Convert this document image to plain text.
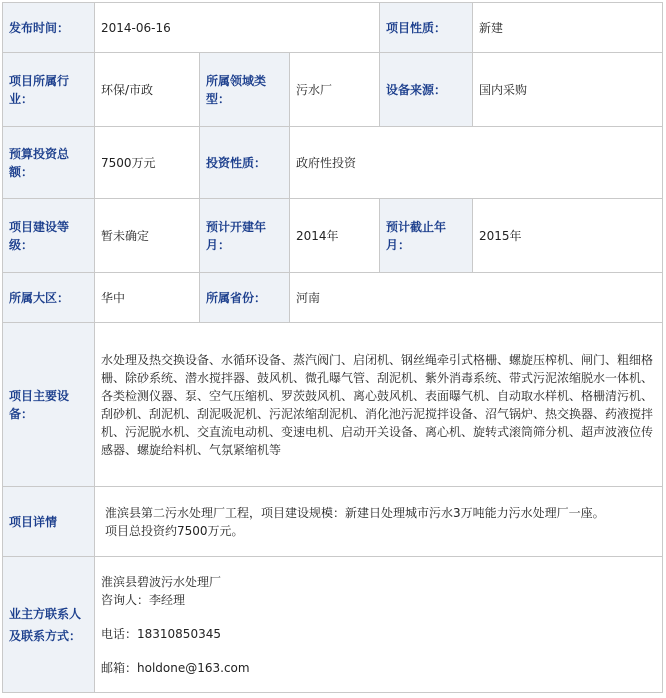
发布时间：	2014-06-16			项目性质：	新建
项目所属行业：	环保/市政	所属领域类型：	污水厂	设备来源：	国内采购
预算投资总额：	7500万元	投资性质：	政府性投资		
项目建设等级：	暂未确定	预计开建年月：	2014年	预计截止年月：	2015年
所属大区：	华中	所属省份：	河南		
项目主要设备：	水处理及热交换设备、水循环设备、蒸汽阀门、启闭机、钢丝绳牵引式格栅、螺旋压榨机、闸门、粗细格栅、除砂系统、潜水搅拌器、鼓风机、微孔曝气管、刮泥机、紫外消毒系统、带式污泥浓缩脱水一体机、各类检测仪器、泵、空气压缩机、罗茨鼓风机、离心鼓风机、表面曝气机、自动取水样机、格栅清污机、刮砂机、刮泥机、刮泥吸泥机、污泥浓缩刮泥机、消化池污泥搅拌设备、沼气锅炉、热交换器、药液搅拌机、污泥脱水机、交直流电动机、变速电机、启动开关设备、离心机、旋转式滚筒筛分机、超声波液位传感器、螺旋给料机、气氛紧缩机等				
项目详情	淮滨县第二污水处理厂工程，项目建设规模：新建日处理城市污水3万吨能力污水处理厂一座。
项目总投资约7500万元。				

业主方联系人及联系方式：	淮滨县碧波污水处理厂
咨询人：李经理
电话：18310850345
邮箱：holdone@163.com				
